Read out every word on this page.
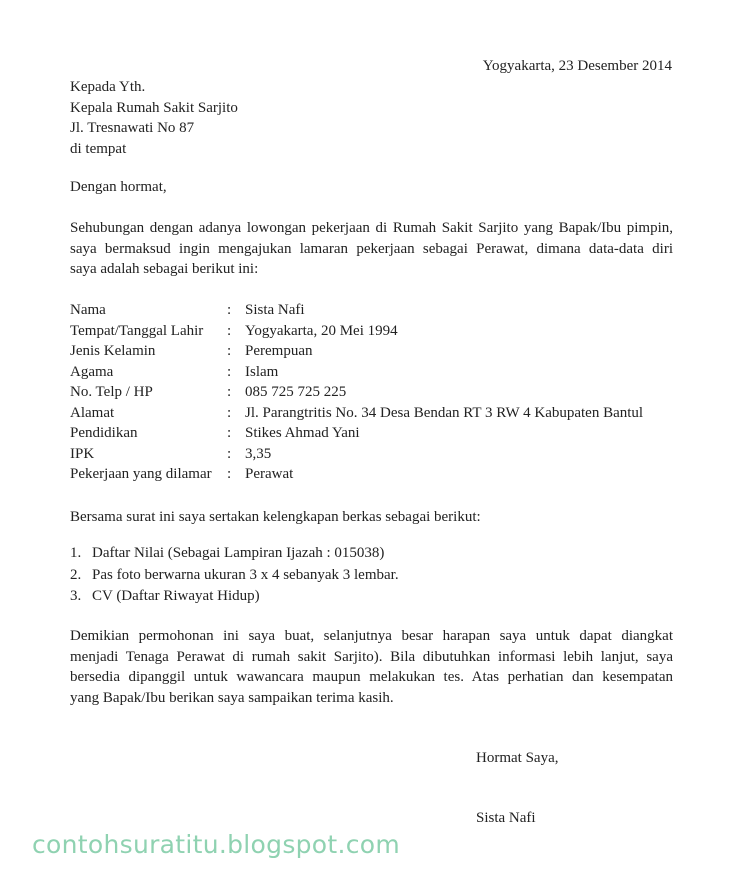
Yogyakarta, 23 Desember 2014
Kepada Yth.
Kepala Rumah Sakit Sarjito
Jl. Tresnawati No 87
di tempat
Dengan hormat,
Sehubungan dengan adanya lowongan pekerjaan di Rumah Sakit Sarjito yang Bapak/Ibu pimpin,
saya bermaksud ingin mengajukan lamaran pekerjaan sebagai Perawat, dimana data-data diri
saya adalah sebagai berikut ini:
Nama	: Sista Nafi
Tempat/Tanggal Lahir	: Yogyakarta, 20 Mei 1994
Jenis Kelamin	: Perempuan
Agama	: Islam
No. Telp / HP	: 085 725 725 225
Alamat	: Jl. Parangtritis No. 34 Desa Bendan RT 3 RW 4 Kabupaten Bantul
Pendidikan	: Stikes Ahmad Yani
IPK	: 3,35
Pekerjaan yang dilamar	: Perawat
Bersama surat ini saya sertakan kelengkapan berkas sebagai berikut:
1. Daftar Nilai (Sebagai Lampiran Ijazah : 015038)
2. Pas foto berwarna ukuran 3 x 4 sebanyak 3 lembar.
3. CV (Daftar Riwayat Hidup)
Demikian permohonan ini saya buat, selanjutnya besar harapan saya untuk dapat diangkat
menjadi Tenaga Perawat di rumah sakit Sarjito). Bila dibutuhkan informasi lebih lanjut, saya
bersedia dipanggil untuk wawancara maupun melakukan tes. Atas perhatian dan kesempatan
yang Bapak/Ibu berikan saya sampaikan terima kasih.
Hormat Saya,
Sista Nafi
contohsuratitu.blogspot.com
